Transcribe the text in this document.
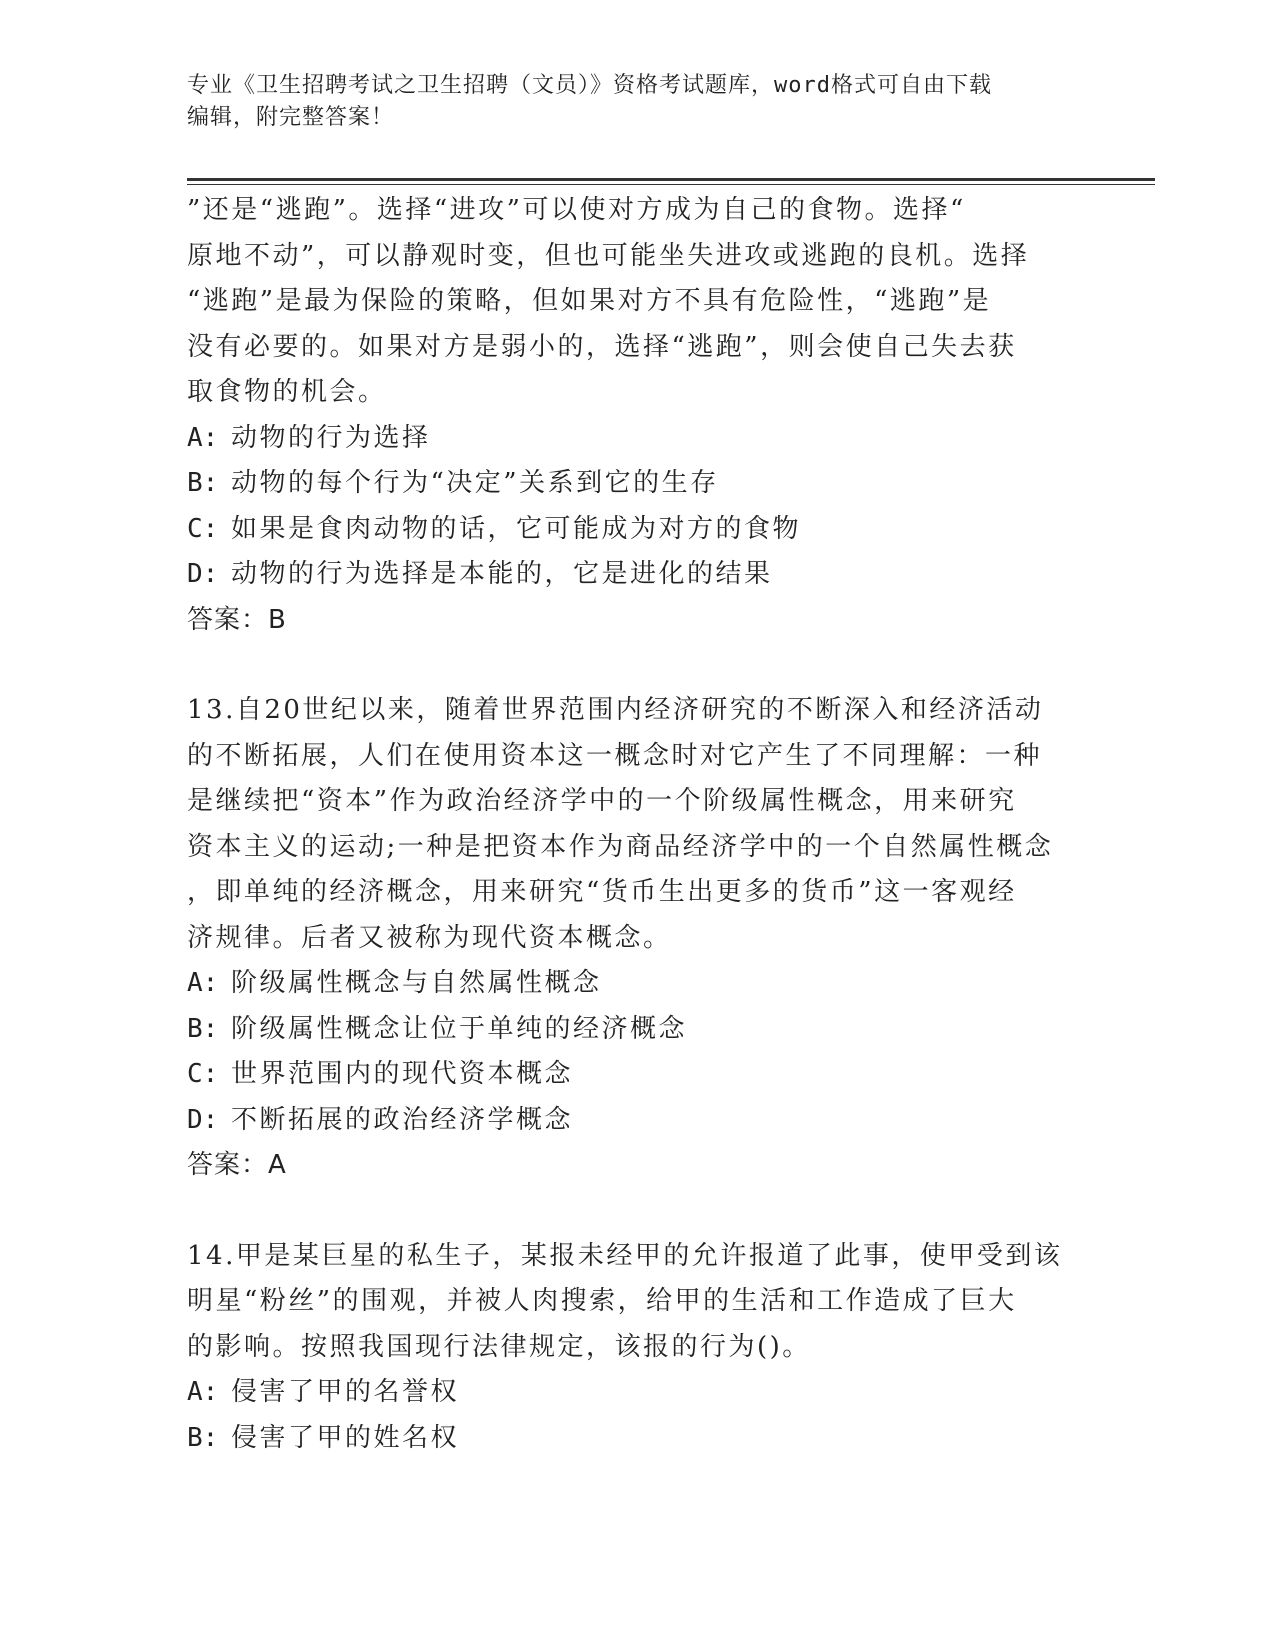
专业《卫生招聘考试之卫生招聘（文员）》资格考试题库，word格式可自由下载
编辑，附完整答案！
”还是“逃跑”。选择“进攻”可以使对方成为自己的食物。选择“
原地不动”，可以静观时变，但也可能坐失进攻或逃跑的良机。选择
“逃跑”是最为保险的策略，但如果对方不具有危险性，“逃跑”是
没有必要的。如果对方是弱小的，选择“逃跑”，则会使自己失去获
取食物的机会。
A: 动物的行为选择
B: 动物的每个行为“决定”关系到它的生存
C: 如果是食肉动物的话，它可能成为对方的食物
D: 动物的行为选择是本能的，它是进化的结果
答案：B
13.自20世纪以来，随着世界范围内经济研究的不断深入和经济活动
的不断拓展，人们在使用资本这一概念时对它产生了不同理解：一种
是继续把“资本”作为政治经济学中的一个阶级属性概念，用来研究
资本主义的运动;一种是把资本作为商品经济学中的一个自然属性概念
，即单纯的经济概念，用来研究“货币生出更多的货币”这一客观经
济规律。后者又被称为现代资本概念。
A: 阶级属性概念与自然属性概念
B: 阶级属性概念让位于单纯的经济概念
C: 世界范围内的现代资本概念
D: 不断拓展的政治经济学概念
答案：A
14.甲是某巨星的私生子，某报未经甲的允许报道了此事，使甲受到该
明星“粉丝”的围观，并被人肉搜索，给甲的生活和工作造成了巨大
的影响。按照我国现行法律规定，该报的行为()。
A: 侵害了甲的名誉权
B: 侵害了甲的姓名权
